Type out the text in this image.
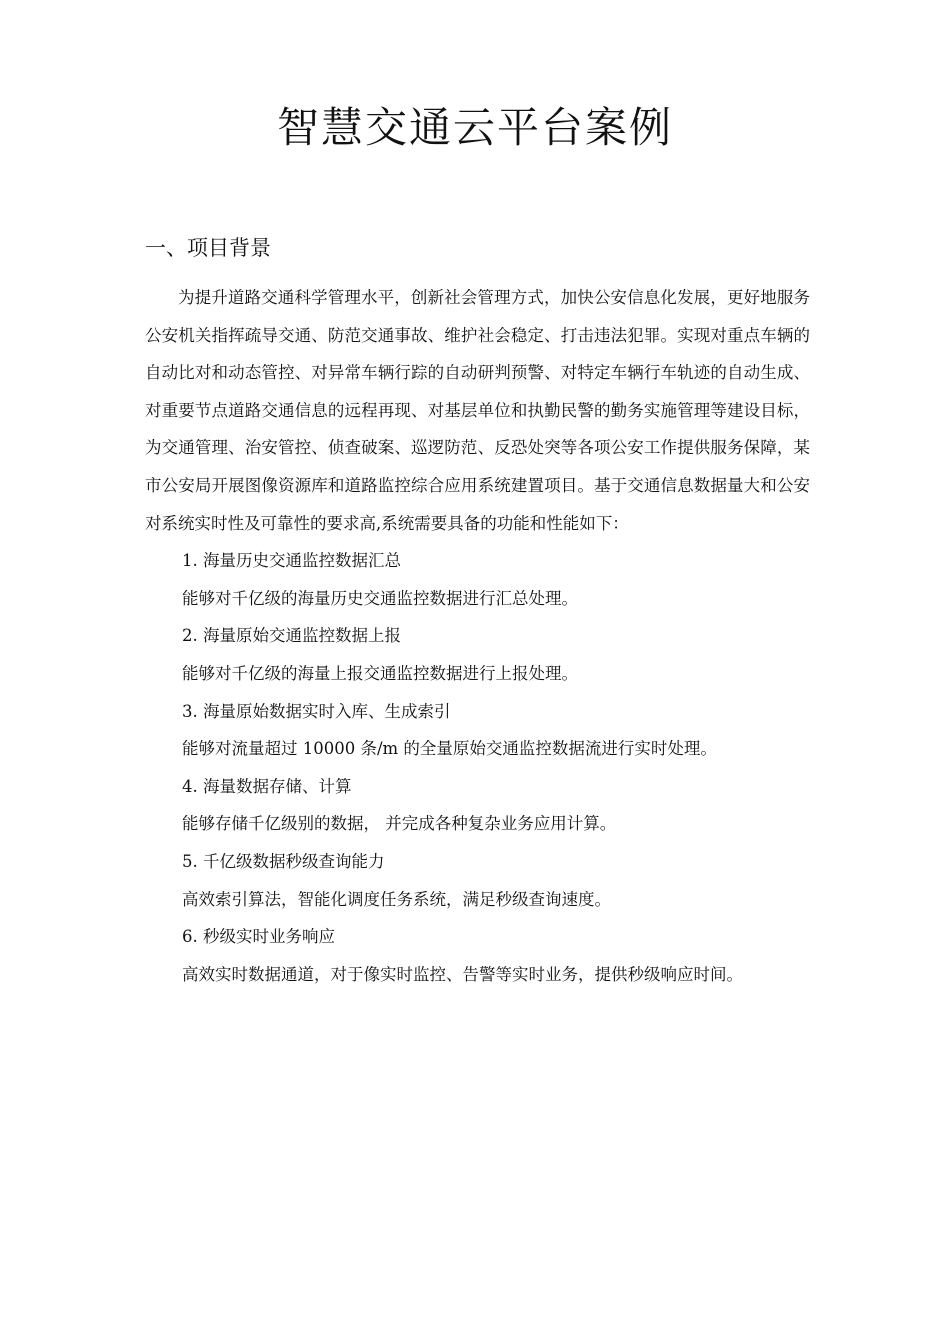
智慧交通云平台案例
一、项目背景

为提升道路交通科学管理水平，创新社会管理方式，加快公安信息化发展，更好地服务公安机关指挥疏导交通、防范交通事故、维护社会稳定、打击违法犯罪。实现对重点车辆的自动比对和动态管控、对异常车辆行踪的自动研判预警、对特定车辆行车轨迹的自动生成、对重要节点道路交通信息的远程再现、对基层单位和执勤民警的勤务实施管理等建设目标，为交通管理、治安管控、侦查破案、巡逻防范、反恐处突等各项公安工作提供服务保障，某市公安局开展图像资源库和道路监控综合应用系统建置项目。基于交通信息数据量大和公安对系统实时性及可靠性的要求高,系统需要具备的功能和性能如下：

1. 海量历史交通监控数据汇总

能够对千亿级的海量历史交通监控数据进行汇总处理。

2. 海量原始交通监控数据上报

能够对千亿级的海量上报交通监控数据进行上报处理。

3. 海量原始数据实时入库、生成索引

能够对流量超过 10000 条/m 的全量原始交通监控数据流进行实时处理。

4. 海量数据存储、计算

能够存储千亿级别的数据， 并完成各种复杂业务应用计算。

5. 千亿级数据秒级查询能力

高效索引算法，智能化调度任务系统，满足秒级查询速度。

6. 秒级实时业务响应

高效实时数据通道，对于像实时监控、告警等实时业务，提供秒级响应时间。
